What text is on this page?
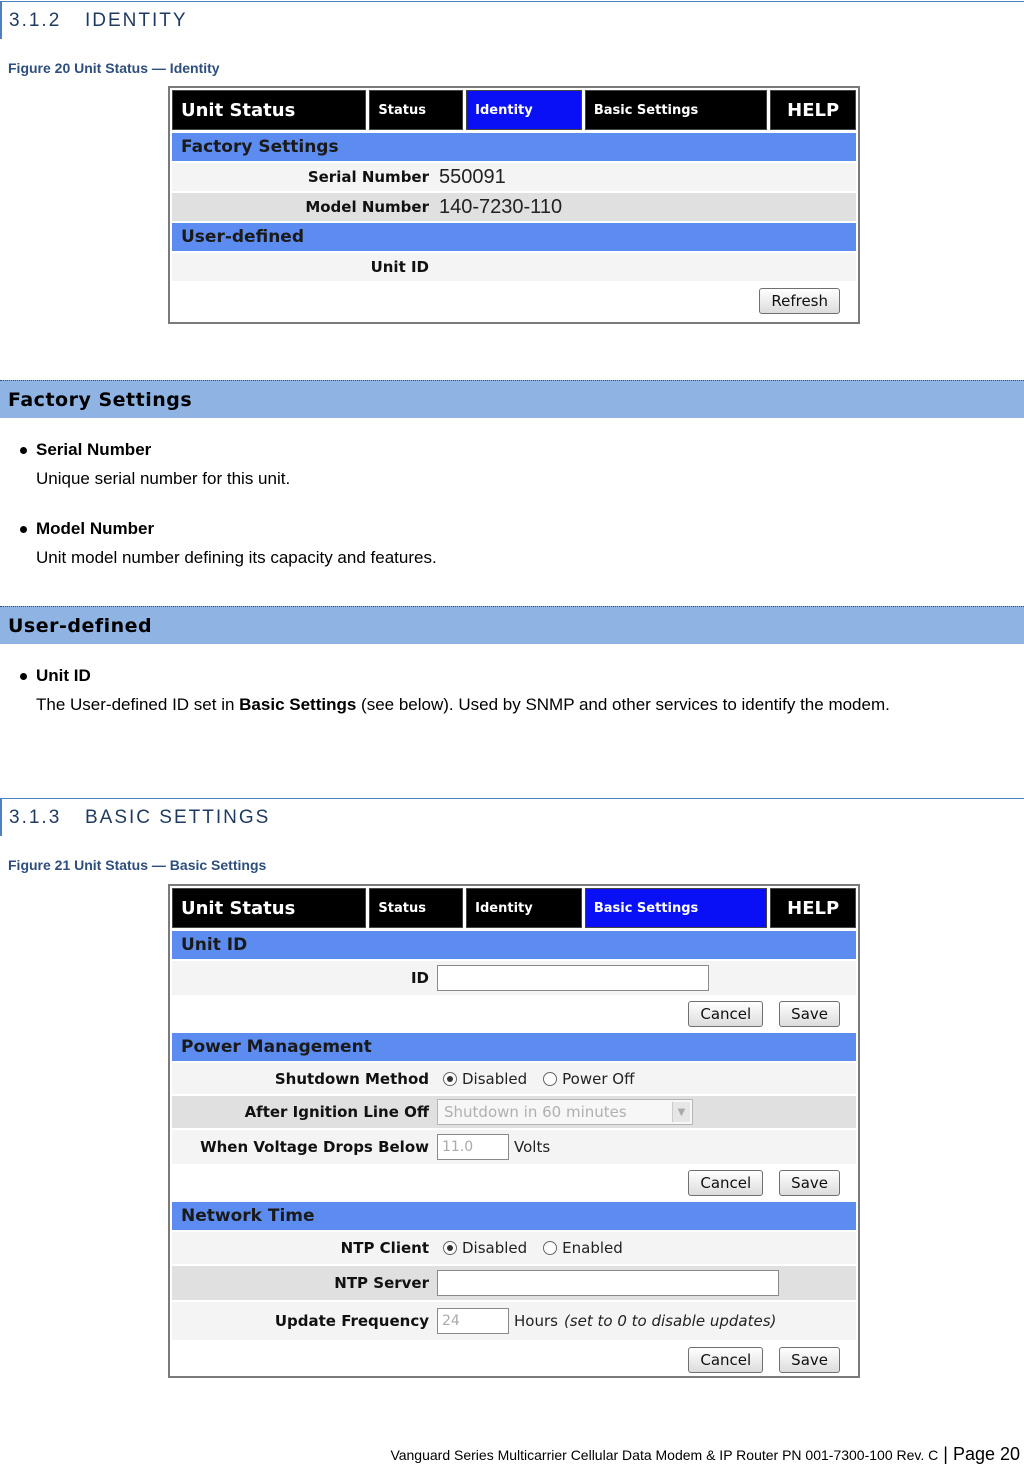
3.1.2	IDENTITY
Figure 20 Unit Status — Identity
Unit Status	Status	Identity	Basic Settings	HELP
Factory Settings
Serial Number 550091
Model Number 140-7230-110
User-defined
Unit ID
Refresh
Factory Settings
Serial Number
Unique serial number for this unit.
Model Number
Unit model number defining its capacity and features.
User-defined
Unit ID
The User-defined ID set in Basic Settings (see below). Used by SNMP and other services to identify the modem.
3.1.3	BASIC SETTINGS
Figure 21 Unit Status — Basic Settings
Unit Status	Status	Identity	Basic Settings	HELP
Unit ID
ID
Cancel	Save
Power Management
Shutdown Method	Disabled Power Off
After Ignition Line Off	Shutdown in 60 minutes	▼
When Voltage Drops Below 11.0	Volts
Cancel	Save
Network Time
NTP Client	Disabled Enabled
NTP Server
Update Frequency 24	Hours (set to 0 to disable updates)
Cancel	Save
Vanguard Series Multicarrier Cellular Data Modem & IP Router PN 001-7300-100 Rev. C | Page 20
